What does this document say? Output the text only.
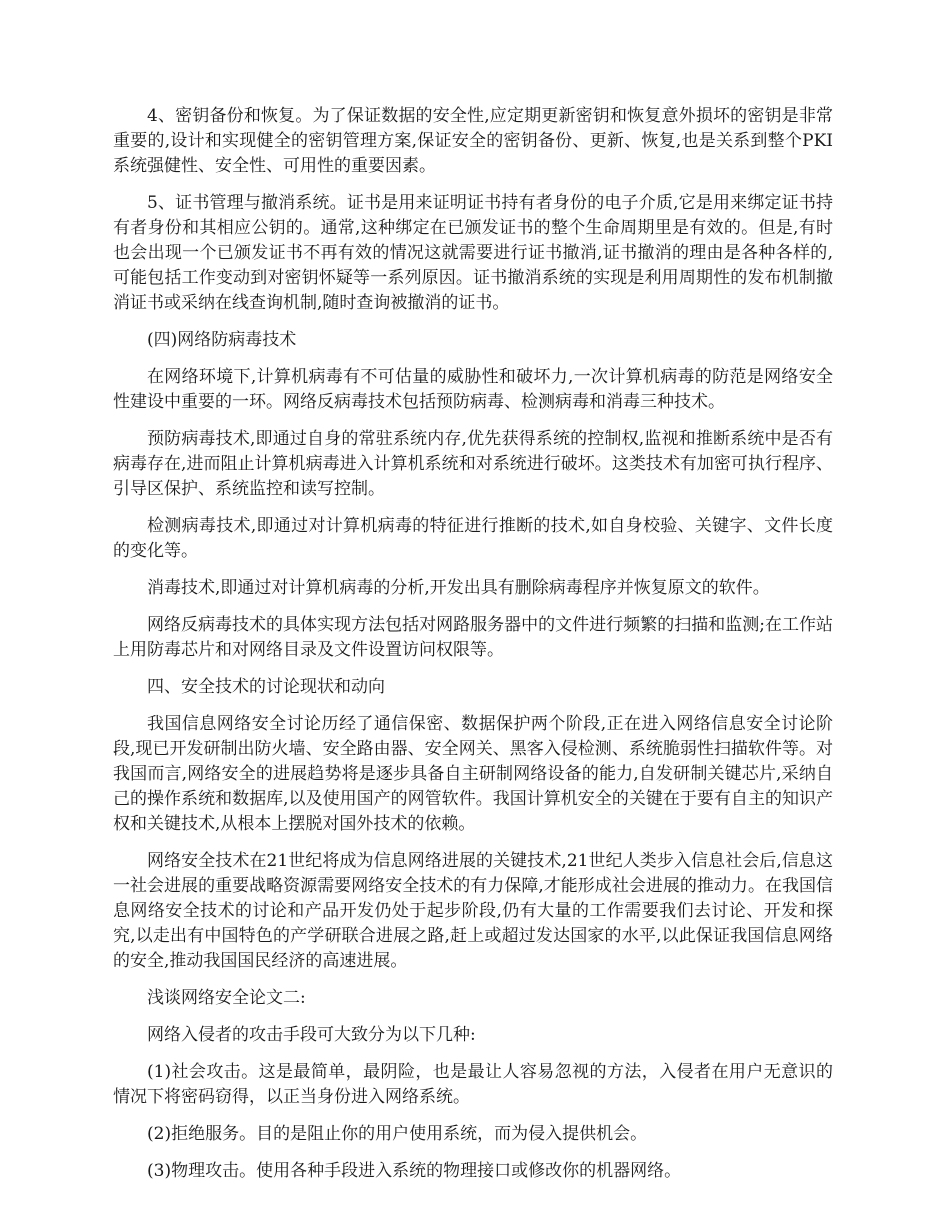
4、密钥备份和恢复。为了保证数据的安全性,应定期更新密钥和恢复意外损坏的密钥是非常重要的,设计和实现健全的密钥管理方案,保证安全的密钥备份、更新、恢复,也是关系到整个PKI系统强健性、安全性、可用性的重要因素。

5、证书管理与撤消系统。证书是用来证明证书持有者身份的电子介质,它是用来绑定证书持有者身份和其相应公钥的。通常,这种绑定在已颁发证书的整个生命周期里是有效的。但是,有时也会出现一个已颁发证书不再有效的情况这就需要进行证书撤消,证书撤消的理由是各种各样的,可能包括工作变动到对密钥怀疑等一系列原因。证书撤消系统的实现是利用周期性的发布机制撤消证书或采纳在线查询机制,随时查询被撤消的证书。

(四)网络防病毒技术

在网络环境下,计算机病毒有不可估量的威胁性和破坏力,一次计算机病毒的防范是网络安全性建设中重要的一环。网络反病毒技术包括预防病毒、检测病毒和消毒三种技术。

预防病毒技术,即通过自身的常驻系统内存,优先获得系统的控制权,监视和推断系统中是否有病毒存在,进而阻止计算机病毒进入计算机系统和对系统进行破坏。这类技术有加密可执行程序、引导区保护、系统监控和读写控制。

检测病毒技术,即通过对计算机病毒的特征进行推断的技术,如自身校验、关键字、文件长度的变化等。

消毒技术,即通过对计算机病毒的分析,开发出具有删除病毒程序并恢复原文的软件。

网络反病毒技术的具体实现方法包括对网路服务器中的文件进行频繁的扫描和监测;在工作站上用防毒芯片和对网络目录及文件设置访问权限等。

四、安全技术的讨论现状和动向

我国信息网络安全讨论历经了通信保密、数据保护两个阶段,正在进入网络信息安全讨论阶段,现已开发研制出防火墙、安全路由器、安全网关、黑客入侵检测、系统脆弱性扫描软件等。对我国而言,网络安全的进展趋势将是逐步具备自主研制网络设备的能力,自发研制关键芯片,采纳自己的操作系统和数据库,以及使用国产的网管软件。我国计算机安全的关键在于要有自主的知识产权和关键技术,从根本上摆脱对国外技术的依赖。

网络安全技术在21世纪将成为信息网络进展的关键技术,21世纪人类步入信息社会后,信息这一社会进展的重要战略资源需要网络安全技术的有力保障,才能形成社会进展的推动力。在我国信息网络安全技术的讨论和产品开发仍处于起步阶段,仍有大量的工作需要我们去讨论、开发和探究,以走出有中国特色的产学研联合进展之路,赶上或超过发达国家的水平,以此保证我国信息网络的安全,推动我国国民经济的高速进展。

浅谈网络安全论文二:

网络入侵者的攻击手段可大致分为以下几种:

(1)社会攻击。这是最简单，最阴险，也是最让人容易忽视的方法，入侵者在用户无意识的情况下将密码窃得，以正当身份进入网络系统。

(2)拒绝服务。目的是阻止你的用户使用系统，而为侵入提供机会。

(3)物理攻击。使用各种手段进入系统的物理接口或修改你的机器网络。
